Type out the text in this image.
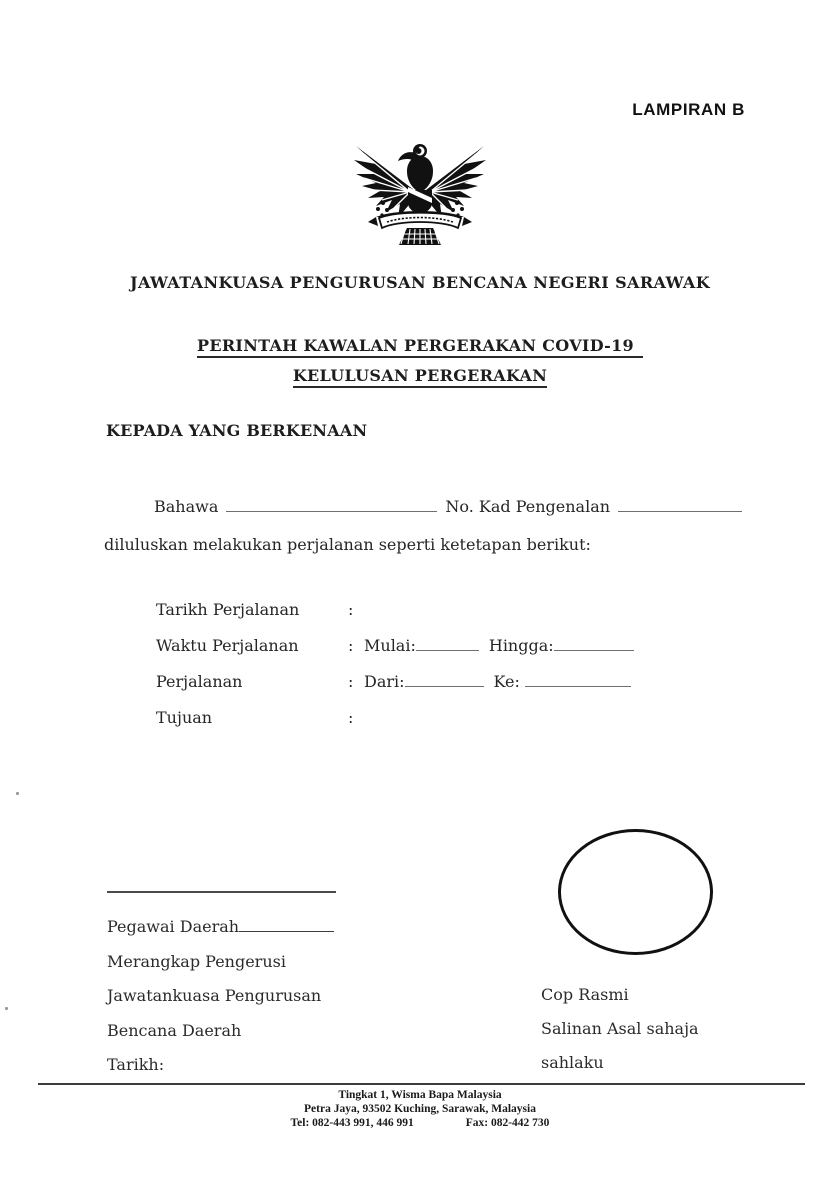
LAMPIRAN B
JAWATANKUASA PENGURUSAN BENCANA NEGERI SARAWAK
PERINTAH KAWALAN PERGERAKAN COVID-19
KELULUSAN PERGERAKAN
KEPADA YANG BERKENAAN
Bahawa	No. Kad Pengenalan
diluluskan melakukan perjalanan seperti ketetapan berikut:
Tarikh Perjalanan	:
Waktu Perjalanan	: Mulai:	Hingga:
Perjalanan	: Dari:	Ke:
Tujuan	:
Pegawai Daerah
Merangkap Pengerusi
Jawatankuasa Pengurusan
Bencana Daerah
Tarikh:
Cop Rasmi
Salinan Asal sahaja
sahlaku
Tingkat 1, Wisma Bapa Malaysia
Petra Jaya, 93502 Kuching, Sarawak, Malaysia
Tel: 082-443 991, 446 991	Fax: 082-442 730
